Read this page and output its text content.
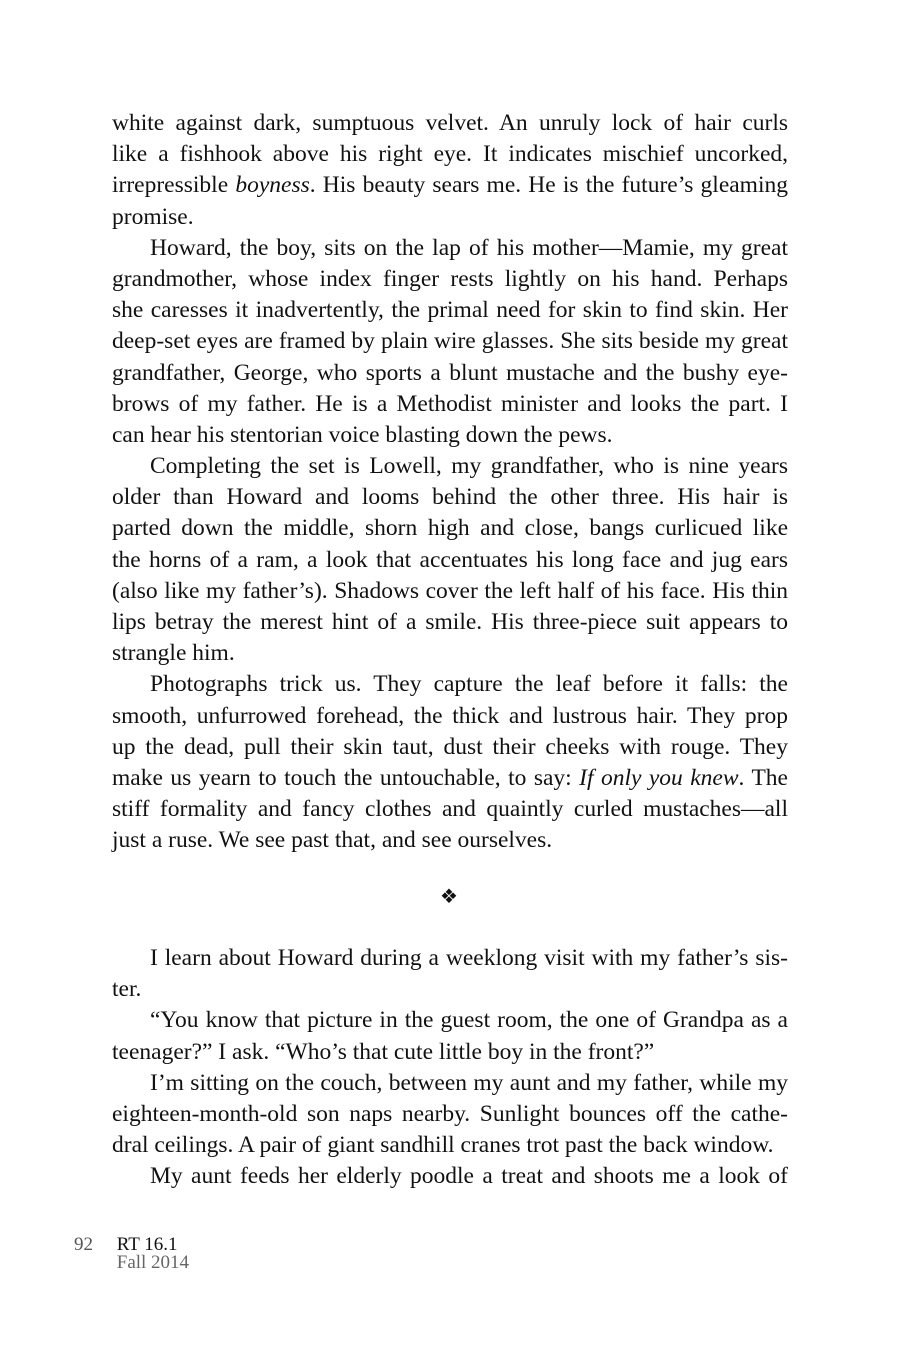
white against dark, sumptuous velvet. An unruly lock of hair curls
like a fishhook above his right eye. It indicates mischief uncorked,
irrepressible boyness. His beauty sears me. He is the future’s gleaming
promise.
Howard, the boy, sits on the lap of his mother—Mamie, my great
grandmother, whose index finger rests lightly on his hand. Perhaps
she caresses it inadvertently, the primal need for skin to find skin. Her
deep-set eyes are framed by plain wire glasses. She sits beside my great
grandfather, George, who sports a blunt mustache and the bushy eye-
brows of my father. He is a Methodist minister and looks the part. I
can hear his stentorian voice blasting down the pews.
Completing the set is Lowell, my grandfather, who is nine years
older than Howard and looms behind the other three. His hair is
parted down the middle, shorn high and close, bangs curlicued like
the horns of a ram, a look that accentuates his long face and jug ears
(also like my father’s). Shadows cover the left half of his face. His thin
lips betray the merest hint of a smile. His three-piece suit appears to
strangle him.
Photographs trick us. They capture the leaf before it falls: the
smooth, unfurrowed forehead, the thick and lustrous hair. They prop
up the dead, pull their skin taut, dust their cheeks with rouge. They
make us yearn to touch the untouchable, to say: If only you knew. The
stiff formality and fancy clothes and quaintly curled mustaches—all
just a ruse. We see past that, and see ourselves.
❖
I learn about Howard during a weeklong visit with my father’s sis-
ter.
“You know that picture in the guest room, the one of Grandpa as a
teenager?” I ask. “Who’s that cute little boy in the front?”
I’m sitting on the couch, between my aunt and my father, while my
eighteen-month-old son naps nearby. Sunlight bounces off the cathe-
dral ceilings. A pair of giant sandhill cranes trot past the back window.
My aunt feeds her elderly poodle a treat and shoots me a look of
92 RT 16.1
Fall 2014
